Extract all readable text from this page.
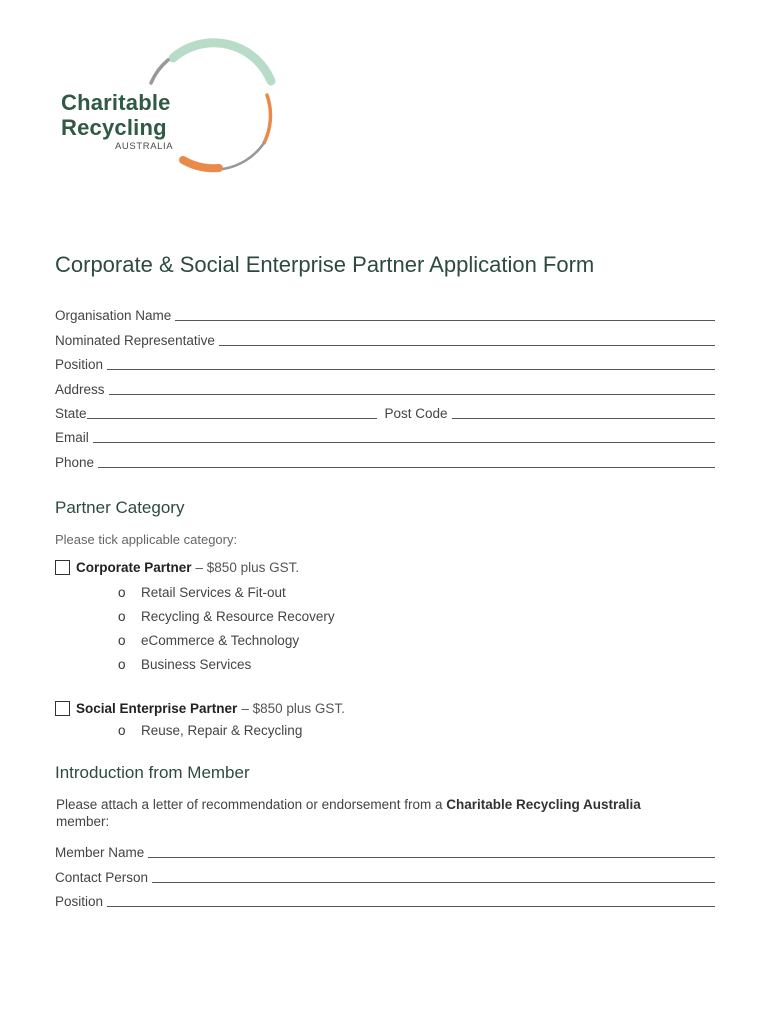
Charitable
Recycling
AUSTRALIA
Corporate & Social Enterprise Partner Application Form
Organisation Name
Nominated Representative
Position
Address
State	Post Code
Email
Phone
Partner Category
Please tick applicable category:
Corporate Partner – $850 plus GST.
o	Retail Services & Fit-out
o	Recycling & Resource Recovery
o	eCommerce & Technology
o	Business Services
Social Enterprise Partner – $850 plus GST.
o	Reuse, Repair & Recycling
Introduction from Member
Please attach a letter of recommendation or endorsement from a Charitable Recycling Australia member:
Member Name
Contact Person
Position
